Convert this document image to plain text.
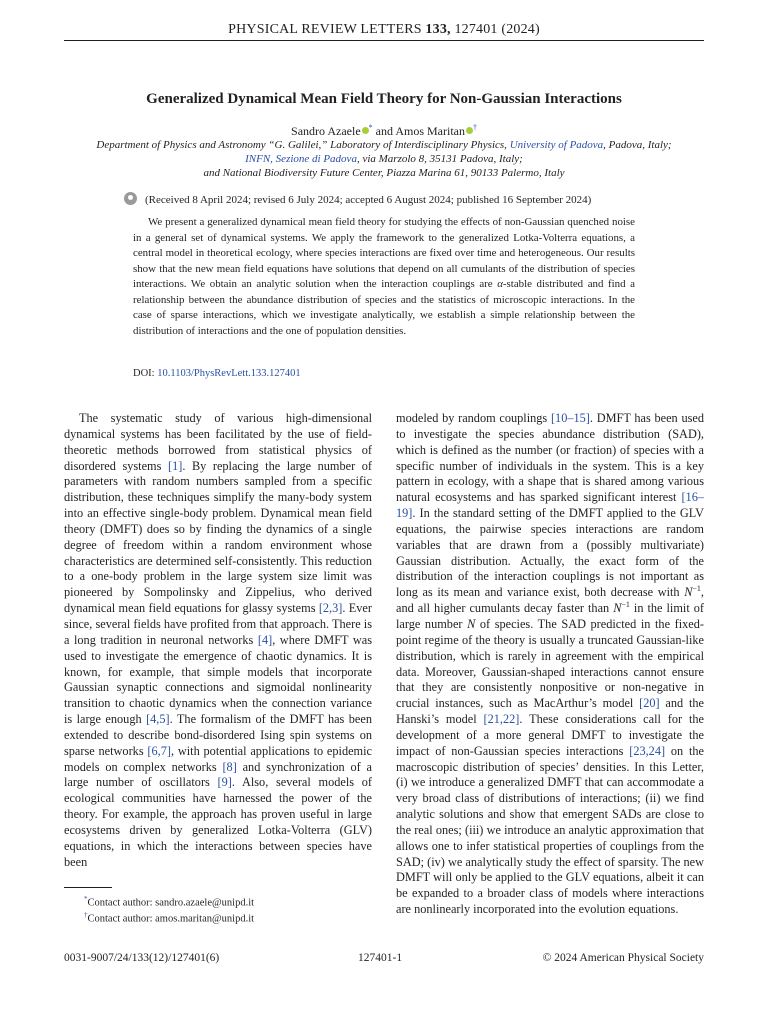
PHYSICAL REVIEW LETTERS 133, 127401 (2024)
Generalized Dynamical Mean Field Theory for Non-Gaussian Interactions
Sandro Azaele * and Amos Maritan †
Department of Physics and Astronomy “G. Galilei,” Laboratory of Interdisciplinary Physics, University of Padova, Padova, Italy;
INFN, Sezione di Padova, via Marzolo 8, 35131 Padova, Italy;
and National Biodiversity Future Center, Piazza Marina 61, 90133 Palermo, Italy
(Received 8 April 2024; revised 6 July 2024; accepted 6 August 2024; published 16 September 2024)
We present a generalized dynamical mean field theory for studying the effects of non-Gaussian quenched noise in a general set of dynamical systems. We apply the framework to the generalized Lotka-Volterra equations, a central model in theoretical ecology, where species interactions are fixed over time and heterogeneous. Our results show that the new mean field equations have solutions that depend on all cumulants of the distribution of species interactions. We obtain an analytic solution when the interaction couplings are α-stable distributed and find a relationship between the abundance distribution of species and the statistics of microscopic interactions. In the case of sparse interactions, which we investigate analytically, we establish a simple relationship between the distribution of interactions and the one of population densities.
DOI: 10.1103/PhysRevLett.133.127401
The systematic study of various high-dimensional dynamical systems has been facilitated by the use of field-theoretic methods borrowed from statistical physics of disordered systems [1]. By replacing the large number of parameters with random numbers sampled from a specific distribution, these techniques simplify the many-body system into an effective single-body problem. Dynamical mean field theory (DMFT) does so by finding the dynamics of a single degree of freedom within a random environment whose characteristics are determined self-consistently. This reduction to a one-body problem in the large system size limit was pioneered by Sompolinsky and Zippelius, who derived dynamical mean field equations for glassy systems [2,3]. Ever since, several fields have profited from that approach. There is a long tradition in neuronal networks [4], where DMFT was used to investigate the emergence of chaotic dynamics. It is known, for example, that simple models that incorporate Gaussian synaptic connections and sigmoidal nonlinearity transition to chaotic dynamics when the connection variance is large enough [4,5]. The formalism of the DMFT has been extended to describe bond-disordered Ising spin systems on sparse networks [6,7], with potential applications to epidemic models on complex networks [8] and synchronization of a large number of oscillators [9]. Also, several models of ecological communities have harnessed the power of the theory. For example, the approach has proven useful in large ecosystems driven by generalized Lotka-Volterra (GLV) equations, in which the interactions between species have been
modeled by random couplings [10–15]. DMFT has been used to investigate the species abundance distribution (SAD), which is defined as the number (or fraction) of species with a specific number of individuals in the system. This is a key pattern in ecology, with a shape that is shared among various natural ecosystems and has sparked significant interest [16–19]. In the standard setting of the DMFT applied to the GLV equations, the pairwise species interactions are random variables that are drawn from a (possibly multivariate) Gaussian distribution. Actually, the exact form of the distribution of the interaction couplings is not important as long as its mean and variance exist, both decrease with $N^{-1}$, and all higher cumulants decay faster than $N^{-1}$ in the limit of large number N of species. The SAD predicted in the fixed-point regime of the theory is usually a truncated Gaussian-like distribution, which is rarely in agreement with the empirical data. Moreover, Gaussian-shaped interactions cannot ensure that they are consistently nonpositive or non-negative in crucial instances, such as MacArthur’s model [20] and the Hanski’s model [21,22]. These considerations call for the development of a more general DMFT to investigate the impact of non-Gaussian species interactions [23,24] on the macroscopic distribution of species’ densities. In this Letter, (i) we introduce a generalized DMFT that can accommodate a very broad class of distributions of interactions; (ii) we find analytic solutions and show that emergent SADs are close to the real ones; (iii) we introduce an analytic approximation that allows one to infer statistical properties of couplings from the SAD; (iv) we analytically study the effect of sparsity. The new DMFT will only be applied to the GLV equations, albeit it can be expanded to a broader class of models where interactions are nonlinearly incorporated into the evolution equations.
*Contact author: sandro.azaele@unipd.it
†Contact author: amos.maritan@unipd.it
0031-9007/24/133(12)/127401(6)	127401-1	© 2024 American Physical Society
